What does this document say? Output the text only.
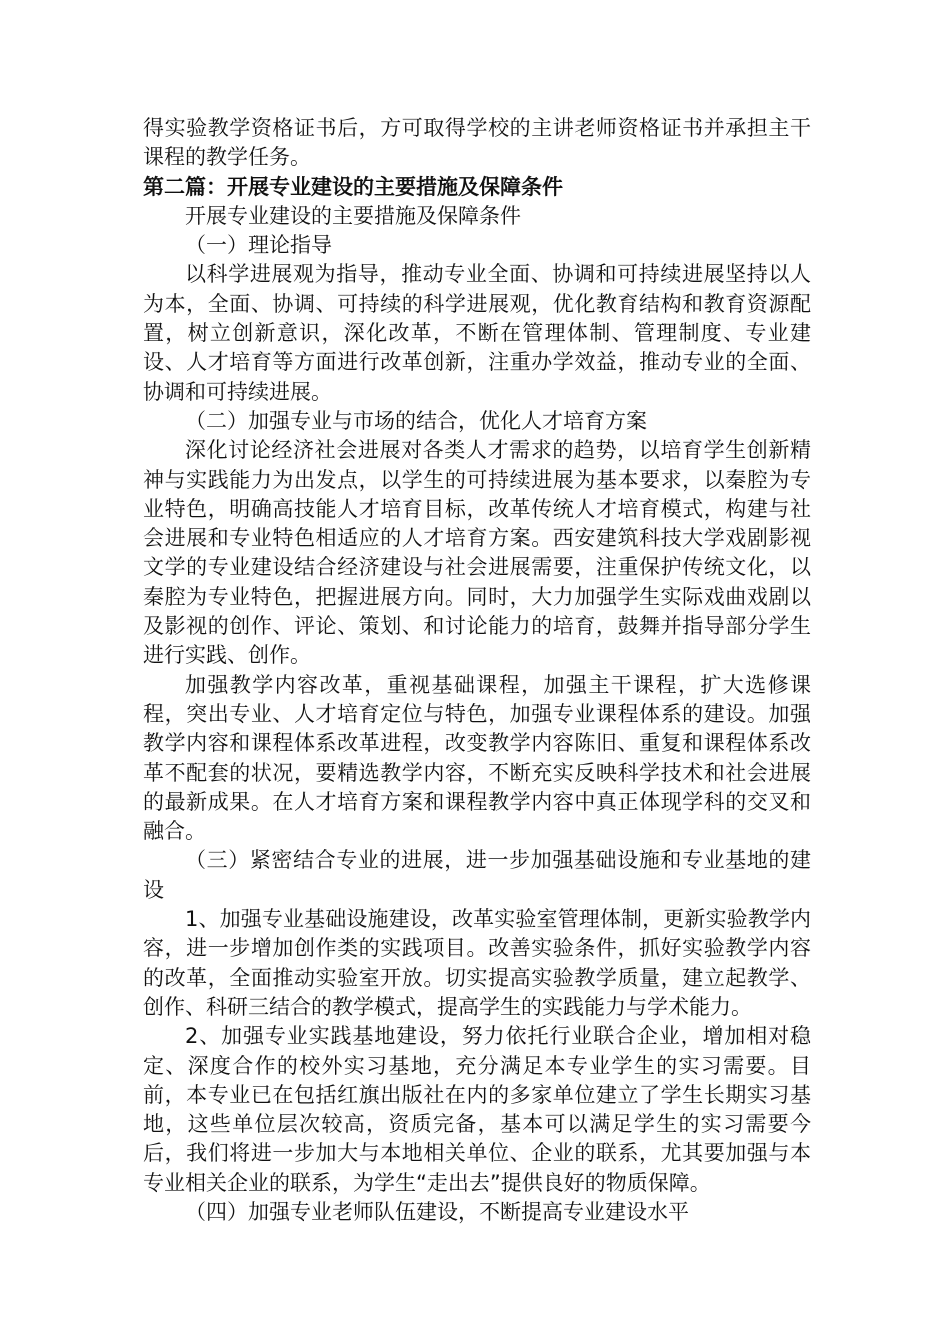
得实验教学资格证书后，方可取得学校的主讲老师资格证书并承担主干课程的教学任务。

第二篇：开展专业建设的主要措施及保障条件

开展专业建设的主要措施及保障条件

（一）理论指导

以科学进展观为指导，推动专业全面、协调和可持续进展坚持以人为本，全面、协调、可持续的科学进展观，优化教育结构和教育资源配置，树立创新意识，深化改革，不断在管理体制、管理制度、专业建设、人才培育等方面进行改革创新，注重办学效益，推动专业的全面、协调和可持续进展。

（二）加强专业与市场的结合，优化人才培育方案

深化讨论经济社会进展对各类人才需求的趋势，以培育学生创新精神与实践能力为出发点，以学生的可持续进展为基本要求，以秦腔为专业特色，明确高技能人才培育目标，改革传统人才培育模式，构建与社会进展和专业特色相适应的人才培育方案。西安建筑科技大学戏剧影视文学的专业建设结合经济建设与社会进展需要，注重保护传统文化，以秦腔为专业特色，把握进展方向。同时，大力加强学生实际戏曲戏剧以及影视的创作、评论、策划、和讨论能力的培育，鼓舞并指导部分学生进行实践、创作。

加强教学内容改革，重视基础课程，加强主干课程，扩大选修课程，突出专业、人才培育定位与特色，加强专业课程体系的建设。加强教学内容和课程体系改革进程，改变教学内容陈旧、重复和课程体系改革不配套的状况，要精选教学内容，不断充实反映科学技术和社会进展的最新成果。在人才培育方案和课程教学内容中真正体现学科的交叉和融合。

（三）紧密结合专业的进展，进一步加强基础设施和专业基地的建设

1、加强专业基础设施建设，改革实验室管理体制，更新实验教学内容，进一步增加创作类的实践项目。改善实验条件，抓好实验教学内容的改革，全面推动实验室开放。切实提高实验教学质量，建立起教学、创作、科研三结合的教学模式，提高学生的实践能力与学术能力。

2、加强专业实践基地建设，努力依托行业联合企业，增加相对稳定、深度合作的校外实习基地，充分满足本专业学生的实习需要。目前，本专业已在包括红旗出版社在内的多家单位建立了学生长期实习基地，这些单位层次较高，资质完备，基本可以满足学生的实习需要今后，我们将进一步加大与本地相关单位、企业的联系，尤其要加强与本专业相关企业的联系，为学生“走出去”提供良好的物质保障。

（四）加强专业老师队伍建设，不断提高专业建设水平
